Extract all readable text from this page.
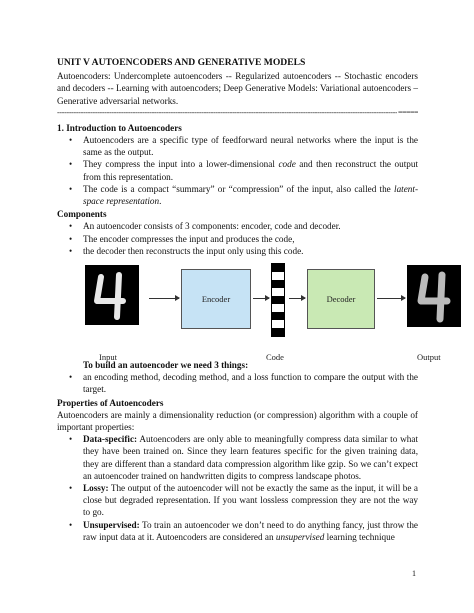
UNIT V AUTOENCODERS AND GENERATIVE MODELS
Autoencoders: Undercomplete autoencoders -- Regularized autoencoders -- Stochastic encoders and decoders -- Learning with autoencoders; Deep Generative Models: Variational autoencoders – Generative adversarial networks.
------------------------------------------------------------------------------------------------------------------------------------------------ =====
1. Introduction to Autoencoders
• Autoencoders are a specific type of feedforward neural networks where the input is the same as the output.
• They compress the input into a lower-dimensional code and then reconstruct the output from this representation.
• The code is a compact “summary” or “compression” of the input, also called the latent-space representation.
Components
• An autoencoder consists of 3 components: encoder, code and decoder.
• The encoder compresses the input and produces the code,
• the decoder then reconstructs the input only using this code.
Encoder	Decoder
Input	Code	Output
To build an autoencoder we need 3 things:
• an encoding method, decoding method, and a loss function to compare the output with the target.
Properties of Autoencoders
Autoencoders are mainly a dimensionality reduction (or compression) algorithm with a couple of important properties:
• Data-specific: Autoencoders are only able to meaningfully compress data similar to what they have been trained on. Since they learn features specific for the given training data, they are different than a standard data compression algorithm like gzip. So we can’t expect an autoencoder trained on handwritten digits to compress landscape photos.
• Lossy: The output of the autoencoder will not be exactly the same as the input, it will be a close but degraded representation. If you want lossless compression they are not the way to go.
• Unsupervised: To train an autoencoder we don’t need to do anything fancy, just throw the raw input data at it. Autoencoders are considered an unsupervised learning technique
1
